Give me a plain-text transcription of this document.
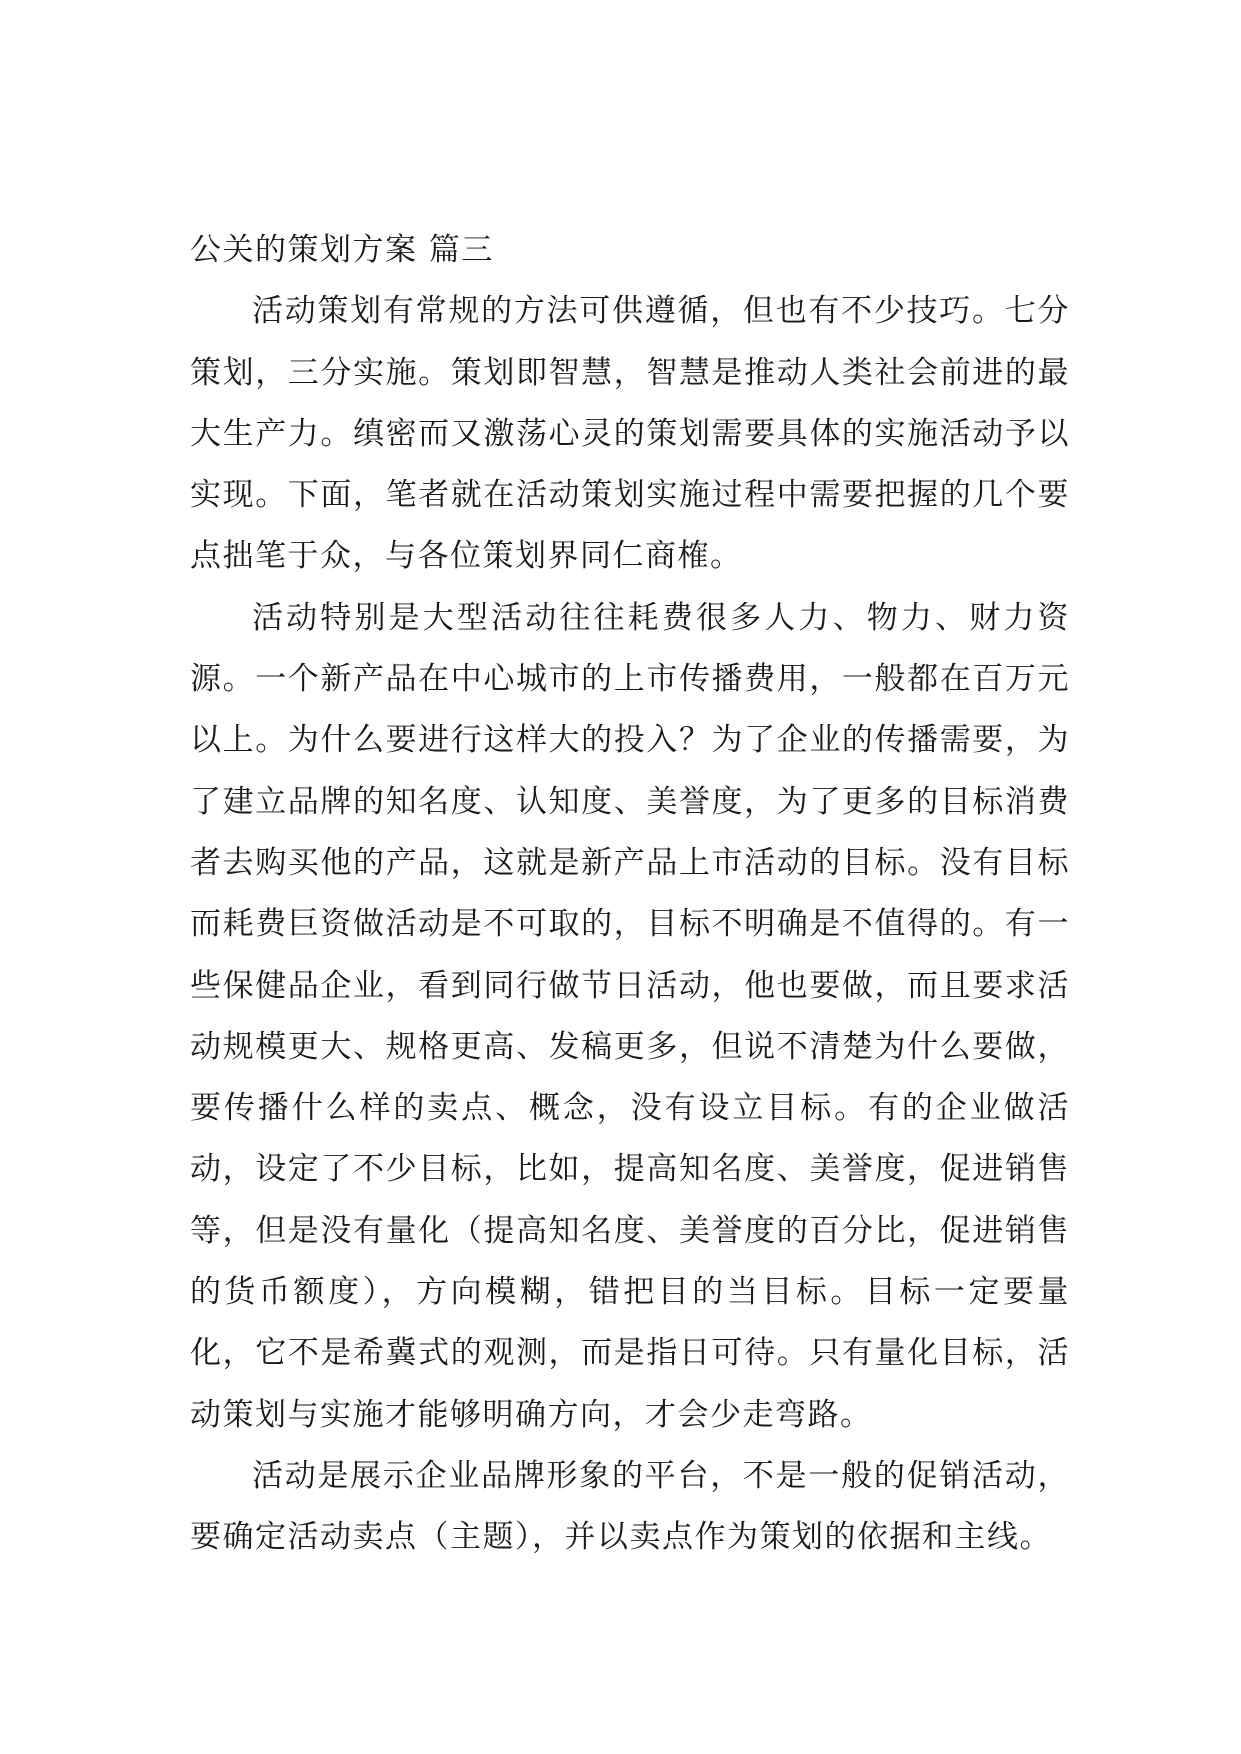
公关的策划方案 篇三

活动策划有常规的方法可供遵循，但也有不少技巧。七分策划，三分实施。策划即智慧，智慧是推动人类社会前进的最大生产力。缜密而又激荡心灵的策划需要具体的实施活动予以实现。下面，笔者就在活动策划实施过程中需要把握的几个要点拙笔于众，与各位策划界同仁商榷。

活动特别是大型活动往往耗费很多人力、物力、财力资源。一个新产品在中心城市的上市传播费用，一般都在百万元以上。为什么要进行这样大的投入？为了企业的传播需要，为了建立品牌的知名度、认知度、美誉度，为了更多的目标消费者去购买他的产品，这就是新产品上市活动的目标。没有目标而耗费巨资做活动是不可取的，目标不明确是不值得的。有一些保健品企业，看到同行做节日活动，他也要做，而且要求活动规模更大、规格更高、发稿更多，但说不清楚为什么要做，要传播什么样的卖点、概念，没有设立目标。有的企业做活动，设定了不少目标，比如，提高知名度、美誉度，促进销售等，但是没有量化（提高知名度、美誉度的百分比，促进销售的货币额度），方向模糊，错把目的当目标。目标一定要量化，它不是希冀式的观测，而是指日可待。只有量化目标，活动策划与实施才能够明确方向，才会少走弯路。

活动是展示企业品牌形象的平台，不是一般的促销活动，要确定活动卖点（主题），并以卖点作为策划的依据和主线。
